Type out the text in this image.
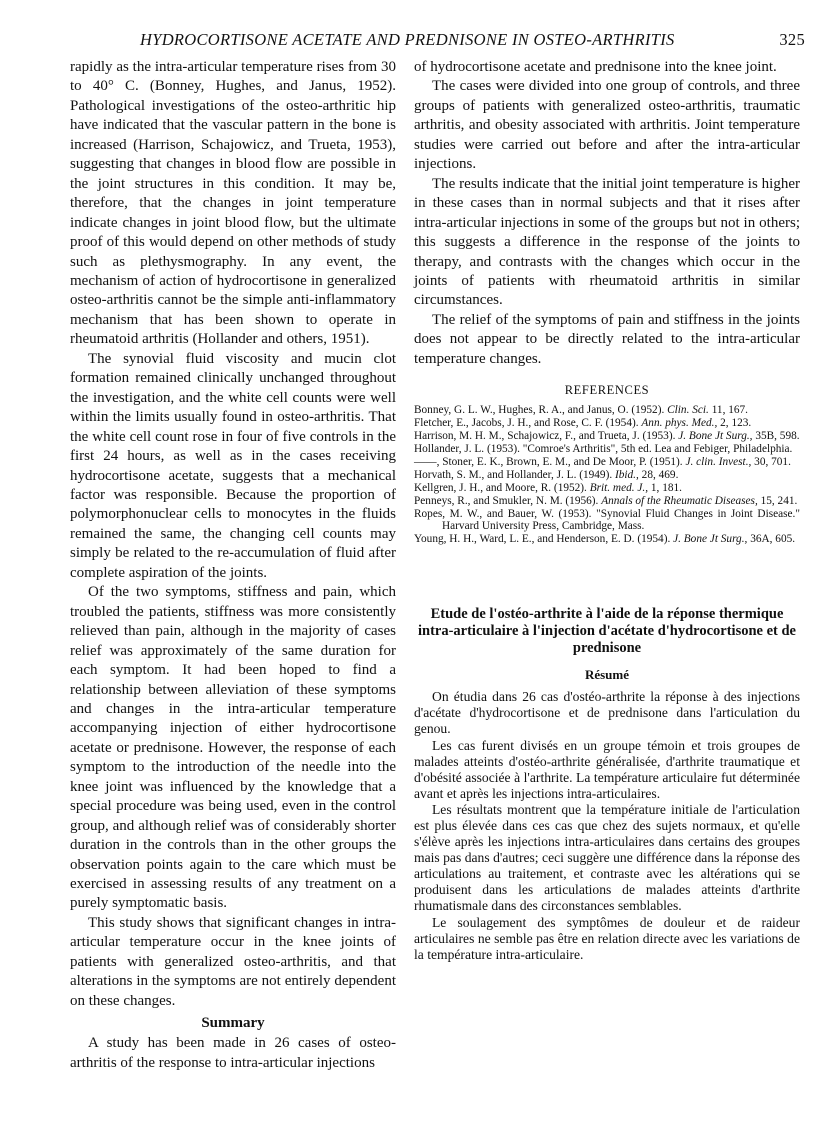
HYDROCORTISONE ACETATE AND PREDNISONE IN OSTEO-ARTHRITIS	325

rapidly as the intra-articular temperature rises from 30 to 40° C. (Bonney, Hughes, and Janus, 1952). Pathological investigations of the osteo-arthritic hip have indicated that the vascular pattern in the bone is increased (Harrison, Schajowicz, and Trueta, 1953), suggesting that changes in blood flow are possible in the joint structures in this condition. It may be, therefore, that the changes in joint temperature indicate changes in joint blood flow, but the ultimate proof of this would depend on other methods of study such as plethysmography. In any event, the mechanism of action of hydrocortisone in generalized osteo-arthritis cannot be the simple anti-inflammatory mechanism that has been shown to operate in rheumatoid arthritis (Hollander and others, 1951).

The synovial fluid viscosity and mucin clot formation remained clinically unchanged throughout the investigation, and the white cell counts were well within the limits usually found in osteo-arthritis. That the white cell count rose in four of five controls in the first 24 hours, as well as in the cases receiving hydrocortisone acetate, suggests that a mechanical factor was responsible. Because the proportion of polymorphonuclear cells to monocytes in the fluids remained the same, the changing cell counts may simply be related to the re-accumulation of fluid after complete aspiration of the joints.

Of the two symptoms, stiffness and pain, which troubled the patients, stiffness was more consistently relieved than pain, although in the majority of cases relief was approximately of the same duration for each symptom. It had been hoped to find a relationship between alleviation of these symptoms and changes in the intra-articular temperature accompanying injection of either hydrocortisone acetate or prednisone. However, the response of each symptom to the introduction of the needle into the knee joint was influenced by the knowledge that a special procedure was being used, even in the control group, and although relief was of considerably shorter duration in the controls than in the other groups the observation points again to the care which must be exercised in assessing results of any treatment on a purely symptomatic basis.

This study shows that significant changes in intra-articular temperature occur in the knee joints of patients with generalized osteo-arthritis, and that alterations in the symptoms are not entirely dependent on these changes.

Summary

A study has been made in 26 cases of osteo-arthritis of the response to intra-articular injections

of hydrocortisone acetate and prednisone into the knee joint.

The cases were divided into one group of controls, and three groups of patients with generalized osteo-arthritis, traumatic arthritis, and obesity associated with arthritis. Joint temperature studies were carried out before and after the intra-articular injections.

The results indicate that the initial joint temperature is higher in these cases than in normal subjects and that it rises after intra-articular injections in some of the groups but not in others; this suggests a difference in the response of the joints to therapy, and contrasts with the changes which occur in the joints of patients with rheumatoid arthritis in similar circumstances.

The relief of the symptoms of pain and stiffness in the joints does not appear to be directly related to the intra-articular temperature changes.

REFERENCES
Bonney, G. L. W., Hughes, R. A., and Janus, O. (1952). Clin. Sci. 11, 167.
Fletcher, E., Jacobs, J. H., and Rose, C. F. (1954). Ann. phys. Med., 2, 123.
Harrison, M. H. M., Schajowicz, F., and Trueta, J. (1953). J. Bone Jt Surg., 35B, 598.
Hollander, J. L. (1953). "Comroe's Arthritis", 5th ed. Lea and Febiger, Philadelphia.
——, Stoner, E. K., Brown, E. M., and De Moor, P. (1951). J. clin. Invest., 30, 701.
Horvath, S. M., and Hollander, J. L. (1949). Ibid., 28, 469.
Kellgren, J. H., and Moore, R. (1952). Brit. med. J., 1, 181.
Penneys, R., and Smukler, N. M. (1956). Annals of the Rheumatic Diseases, 15, 241.
Ropes, M. W., and Bauer, W. (1953). "Synovial Fluid Changes in Joint Disease." Harvard University Press, Cambridge, Mass.
Young, H. H., Ward, L. E., and Henderson, E. D. (1954). J. Bone Jt Surg., 36A, 605.
Etude de l'ostéo-arthrite à l'aide de la réponse thermique intra-articulaire à l'injection d'acétate d'hydrocortisone et de prednisone
Résumé

On étudia dans 26 cas d'ostéo-arthrite la réponse à des injections d'acétate d'hydrocortisone et de prednisone dans l'articulation du genou.

Les cas furent divisés en un groupe témoin et trois groupes de malades atteints d'ostéo-arthrite généralisée, d'arthrite traumatique et d'obésité associée à l'arthrite. La température articulaire fut déterminée avant et après les injections intra-articulaires.

Les résultats montrent que la température initiale de l'articulation est plus élevée dans ces cas que chez des sujets normaux, et qu'elle s'élève après les injections intra-articulaires dans certains des groupes mais pas dans d'autres; ceci suggère une différence dans la réponse des articulations au traitement, et contraste avec les altérations qui se produisent dans les articulations de malades atteints d'arthrite rhumatismale dans des circonstances semblables.

Le soulagement des symptômes de douleur et de raideur articulaires ne semble pas être en relation directe avec les variations de la température intra-articulaire.
